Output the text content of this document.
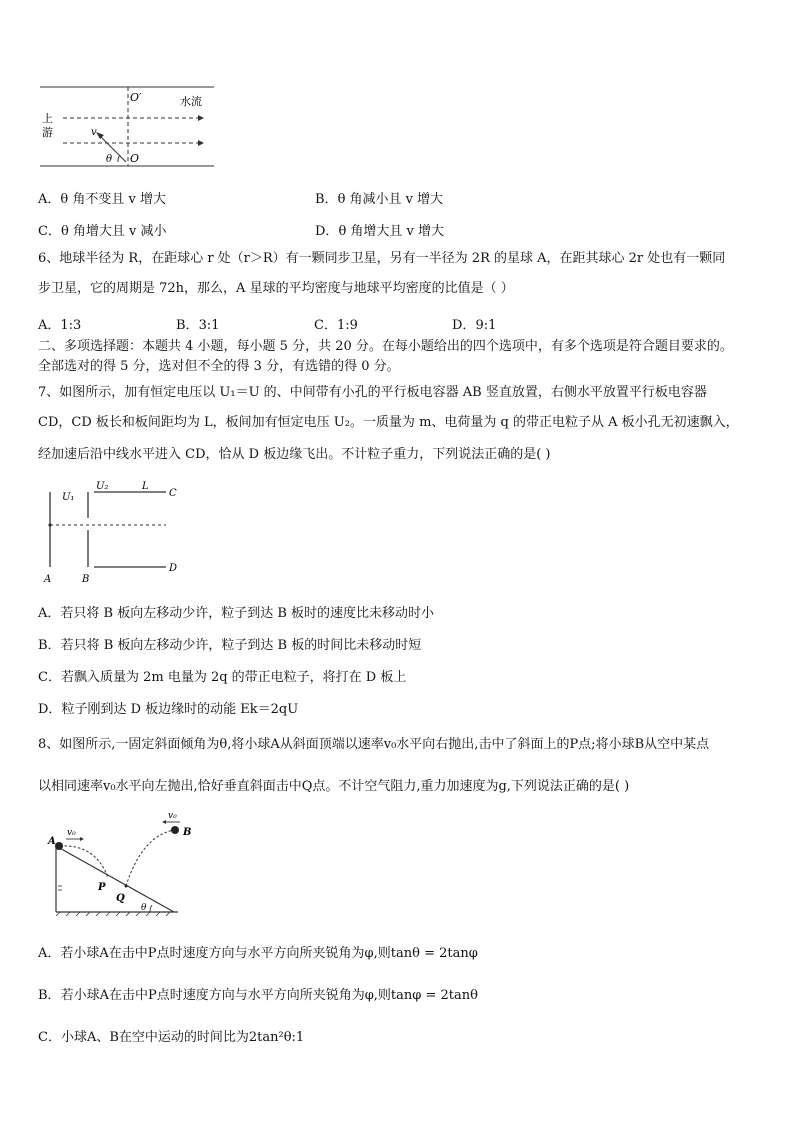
O′	水流
上
游	v
θ O
A．θ 角不变且 v 增大	B．θ 角减小且 v 增大
C．θ 角增大且 v 减小	D．θ 角增大且 v 增大
6、地球半径为 R，在距球心 r 处（r＞R）有一颗同步卫星，另有一半径为 2R 的星球 A，在距其球心 2r 处也有一颗同
步卫星，它的周期是 72h，那么，A 星球的平均密度与地球平均密度的比值是（ ）
A．1:3	B．3:1	C．1:9	D．9:1
二、多项选择题：本题共 4 小题，每小题 5 分，共 20 分。在每小题给出的四个选项中，有多个选项是符合题目要求的。
全部选对的得 5 分，选对但不全的得 3 分，有选错的得 0 分。
7、如图所示，加有恒定电压以 U₁＝U 的、中间带有小孔的平行板电容器 AB 竖直放置，右侧水平放置平行板电容器
CD，CD 板长和板间距均为 L，板间加有恒定电压 U₂。一质量为 m、电荷量为 q 的带正电粒子从 A 板小孔无初速飘入，
经加速后沿中线水平进入 CD，恰从 D 板边缘飞出。不计粒子重力，下列说法正确的是( )
U₁
U₂	L
C
D
A	B
A．若只将 B 板向左移动少许，粒子到达 B 板时的速度比未移动时小
B．若只将 B 板向左移动少许，粒子到达 B 板的时间比未移动时短
C．若飘入质量为 2m 电量为 2q 的带正电粒子，将打在 D 板上
D．粒子刚到达 D 板边缘时的动能 Ek＝2qU
8、如图所示,一固定斜面倾角为θ,将小球A从斜面顶端以速率v₀水平向右抛出,击中了斜面上的P点;将小球B从空中某点
以相同速率v₀水平向左抛出,恰好垂直斜面击中Q点。不计空气阻力,重力加速度为g,下列说法正确的是( )
v₀
v₀
A
B
P
Q
θ
A．若小球A在击中P点时速度方向与水平方向所夹锐角为φ,则tanθ = 2tanφ
B．若小球A在击中P点时速度方向与水平方向所夹锐角为φ,则tanφ = 2tanθ
C．小球A、B在空中运动的时间比为2tan²θ:1
